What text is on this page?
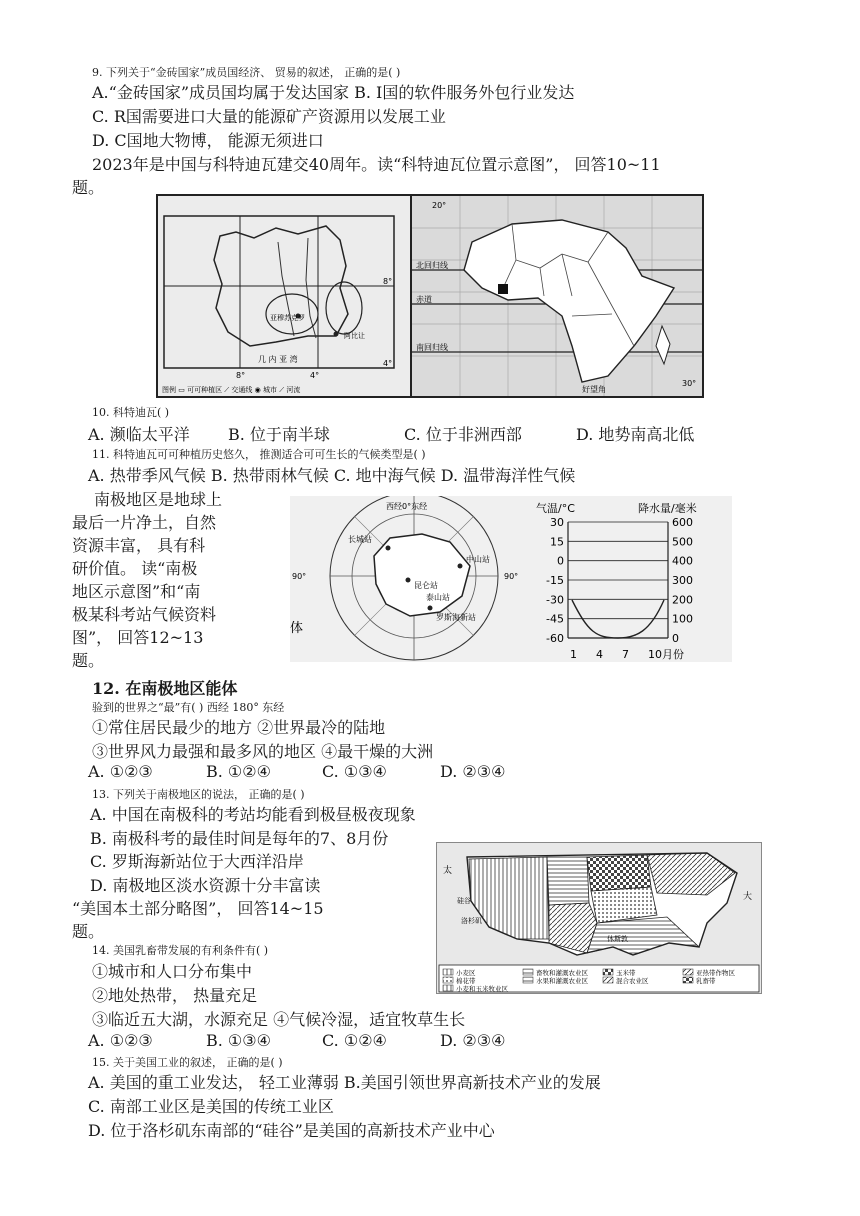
9. 下列关于“金砖国家”成员国经济、 贸易的叙述， 正确的是( )
A.“金砖国家”成员国均属于发达国家 B. Ⅰ国的软件服务外包行业发达
C. R国需要进口大量的能源矿产资源用以发展工业
D. C国地大物博， 能源无须进口
2023年是中国与科特迪瓦建交40周年。读“科特迪瓦位置示意图”， 回答10~11
题。
8°
4°
8°	4°
亚穆苏克罗
阿比让
几 内 亚 湾
图例 ▭ 可可种植区 ⟋ 交通线 ◉ 城市 ⟋ 河流
20°
北回归线
赤道
南回归线
好望角
30°
10. 科特迪瓦( )
A. 濒临太平洋 B. 位于南半球	C. 位于非洲西部	D. 地势南高北低
11. 科特迪瓦可可种植历史悠久， 推测适合可可生长的气候类型是( )
A. 热带季风气候 B. 热带雨林气候 C. 地中海气候 D. 温带海洋性气候
南极地区是地球上
最后一片净土，自然
资源丰富， 具有科
研价值。 读“南极
地区示意图”和“南
极某科考站气候资料
图”， 回答12~13
题。
西经0°东经
90°	90°
长城站
昆仑站
中山站
泰山站
罗斯海新站
体
气温/°C	降水量/毫米
30	600
15	500
0	400
-15	300
-30	200
-45	100
-60	0
1 4 7 10月份
12. 在南极地区能体
验到的世界之“最”有( ) 西经 180° 东经
①常住居民最少的地方 ②世界最冷的陆地
③世界风力最强和最多风的地区 ④最干燥的大洲
A. ①②③	B. ①②④	C. ①③④	D. ②③④
13. 下列关于南极地区的说法， 正确的是( )
A. 中国在南极科的考站均能看到极昼极夜现象
B. 南极科考的最佳时间是每年的7、8月份
C. 罗斯海新站位于大西洋沿岸
D. 南极地区淡水资源十分丰富读
“美国本土部分略图”， 回答14~15
题。
太
大
硅谷
洛杉矶
休斯敦
小麦区	畜牧和灌溉农业区	玉米带	亚热带作物区
棉花带	水果和灌溉农业区	混合农业区	乳畜带
小麦和玉米牧业区
14. 美国乳畜带发展的有利条件有( )
①城市和人口分布集中
②地处热带， 热量充足
③临近五大湖，水源充足 ④气候冷湿，适宜牧草生长
A. ①②③	B. ①③④	C. ①②④	D. ②③④
15. 关于美国工业的叙述， 正确的是( )
A. 美国的重工业发达， 轻工业薄弱 B.美国引领世界高新技术产业的发展
C. 南部工业区是美国的传统工业区
D. 位于洛杉矶东南部的“硅谷”是美国的高新技术产业中心
